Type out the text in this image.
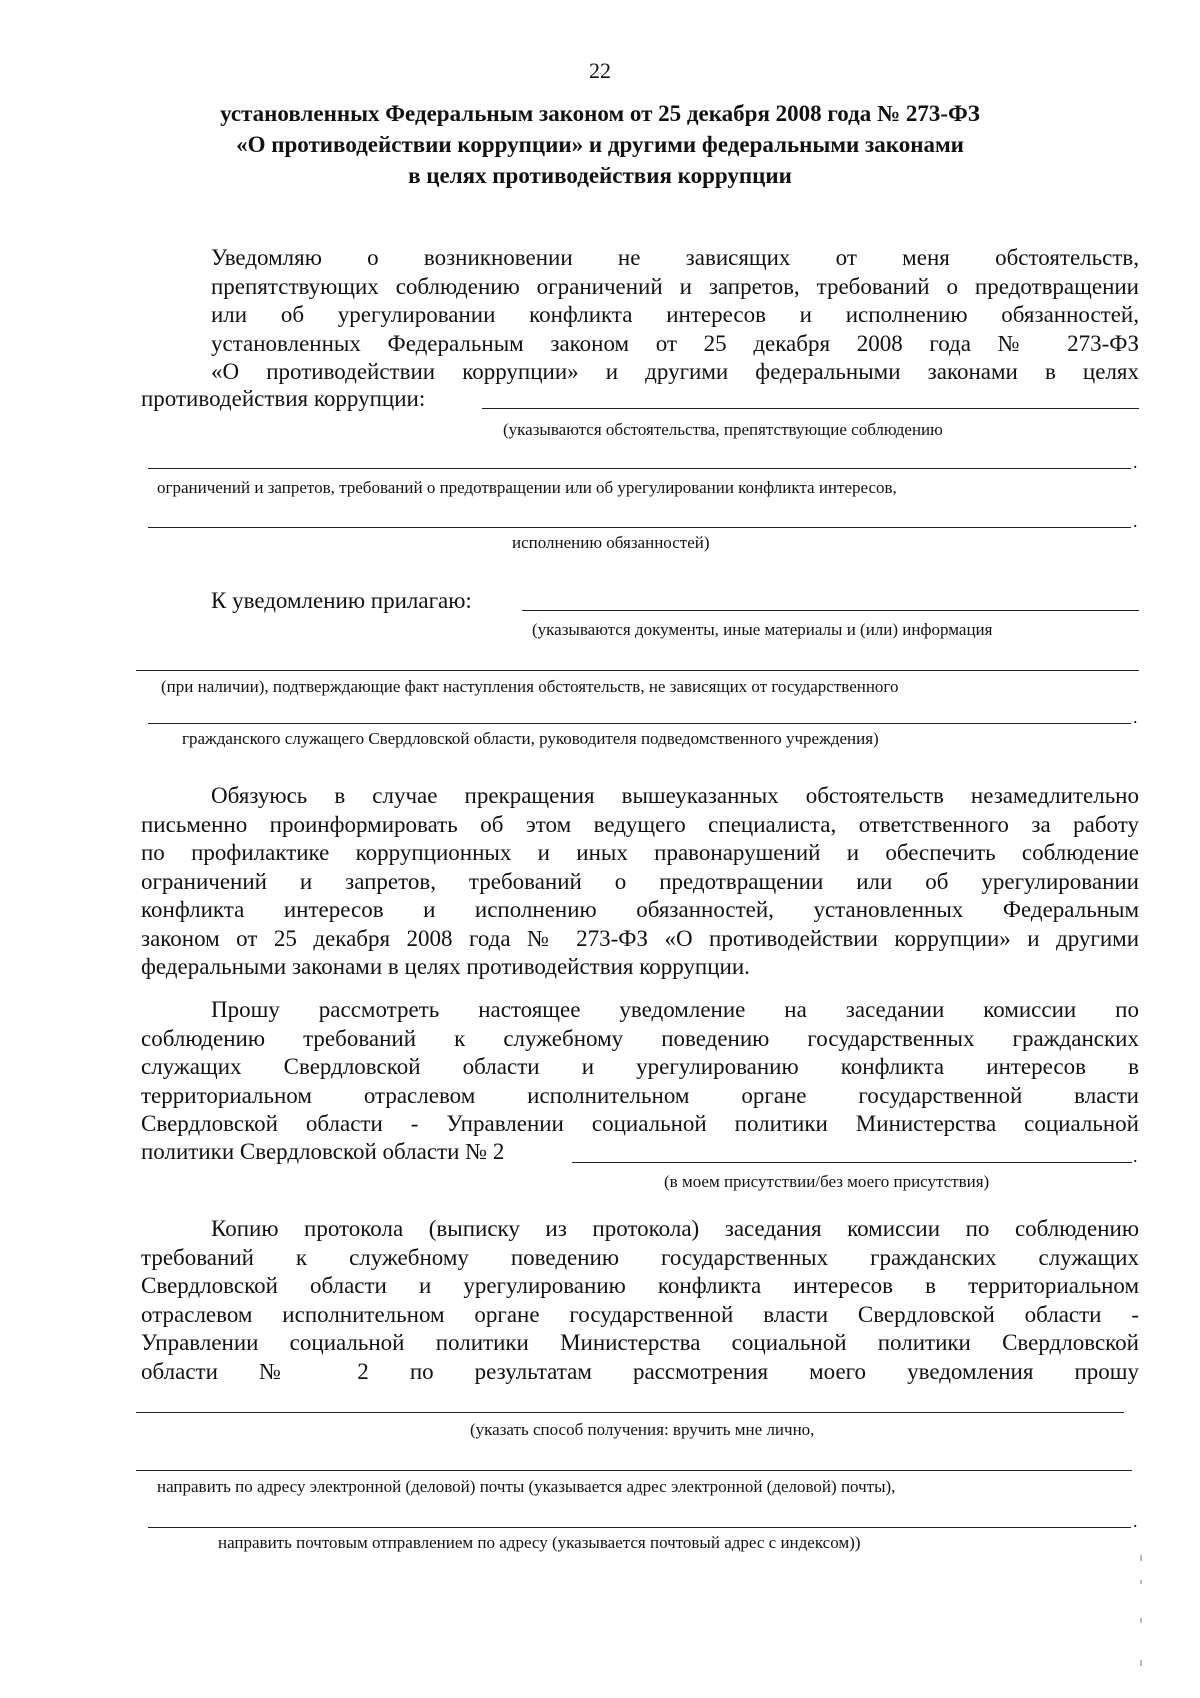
22
установленных Федеральным законом от 25 декабря 2008 года № 273-ФЗ
«О противодействии коррупции» и другими федеральными законами
в целях противодействия коррупции
Уведомляю о возникновении не зависящих от меня обстоятельств,
препятствующих соблюдению ограничений и запретов, требований о предотвращении
или об урегулировании конфликта интересов и исполнению обязанностей,
установленных Федеральным законом от 25 декабря 2008 года № 273-ФЗ
«О противодействии коррупции» и другими федеральными законами в целях
противодействия коррупции:
(указываются обстоятельства, препятствующие соблюдению
.
ограничений и запретов, требований о предотвращении или об урегулировании конфликта интересов,
.
исполнению обязанностей)
К уведомлению прилагаю:
(указываются документы, иные материалы и (или) информация
(при наличии), подтверждающие факт наступления обстоятельств, не зависящих от государственного
.
гражданского служащего Свердловской области, руководителя подведомственного учреждения)
Обязуюсь в случае прекращения вышеуказанных обстоятельств незамедлительно
письменно проинформировать об этом ведущего специалиста, ответственного за работу
по профилактике коррупционных и иных правонарушений и обеспечить соблюдение
ограничений и запретов, требований о предотвращении или об урегулировании
конфликта интересов и исполнению обязанностей, установленных Федеральным
законом от 25 декабря 2008 года № 273-ФЗ «О противодействии коррупции» и другими
федеральными законами в целях противодействия коррупции.
Прошу рассмотреть настоящее уведомление на заседании комиссии по
соблюдению требований к служебному поведению государственных гражданских
служащих Свердловской области и урегулированию конфликта интересов в
территориальном отраслевом исполнительном органе государственной власти
Свердловской области - Управлении социальной политики Министерства социальной
политики Свердловской области № 2	.
(в моем присутствии/без моего присутствия)
Копию протокола (выписку из протокола) заседания комиссии по соблюдению
требований к служебному поведению государственных гражданских служащих
Свердловской области и урегулированию конфликта интересов в территориальном
отраслевом исполнительном органе государственной власти Свердловской области -
Управлении социальной политики Министерства социальной политики Свердловской
области № 2 по результатам рассмотрения моего уведомления прошу
(указать способ получения: вручить мне лично,
направить по адресу электронной (деловой) почты (указывается адрес электронной (деловой) почты),
.
направить почтовым отправлением по адресу (указывается почтовый адрес с индексом))
